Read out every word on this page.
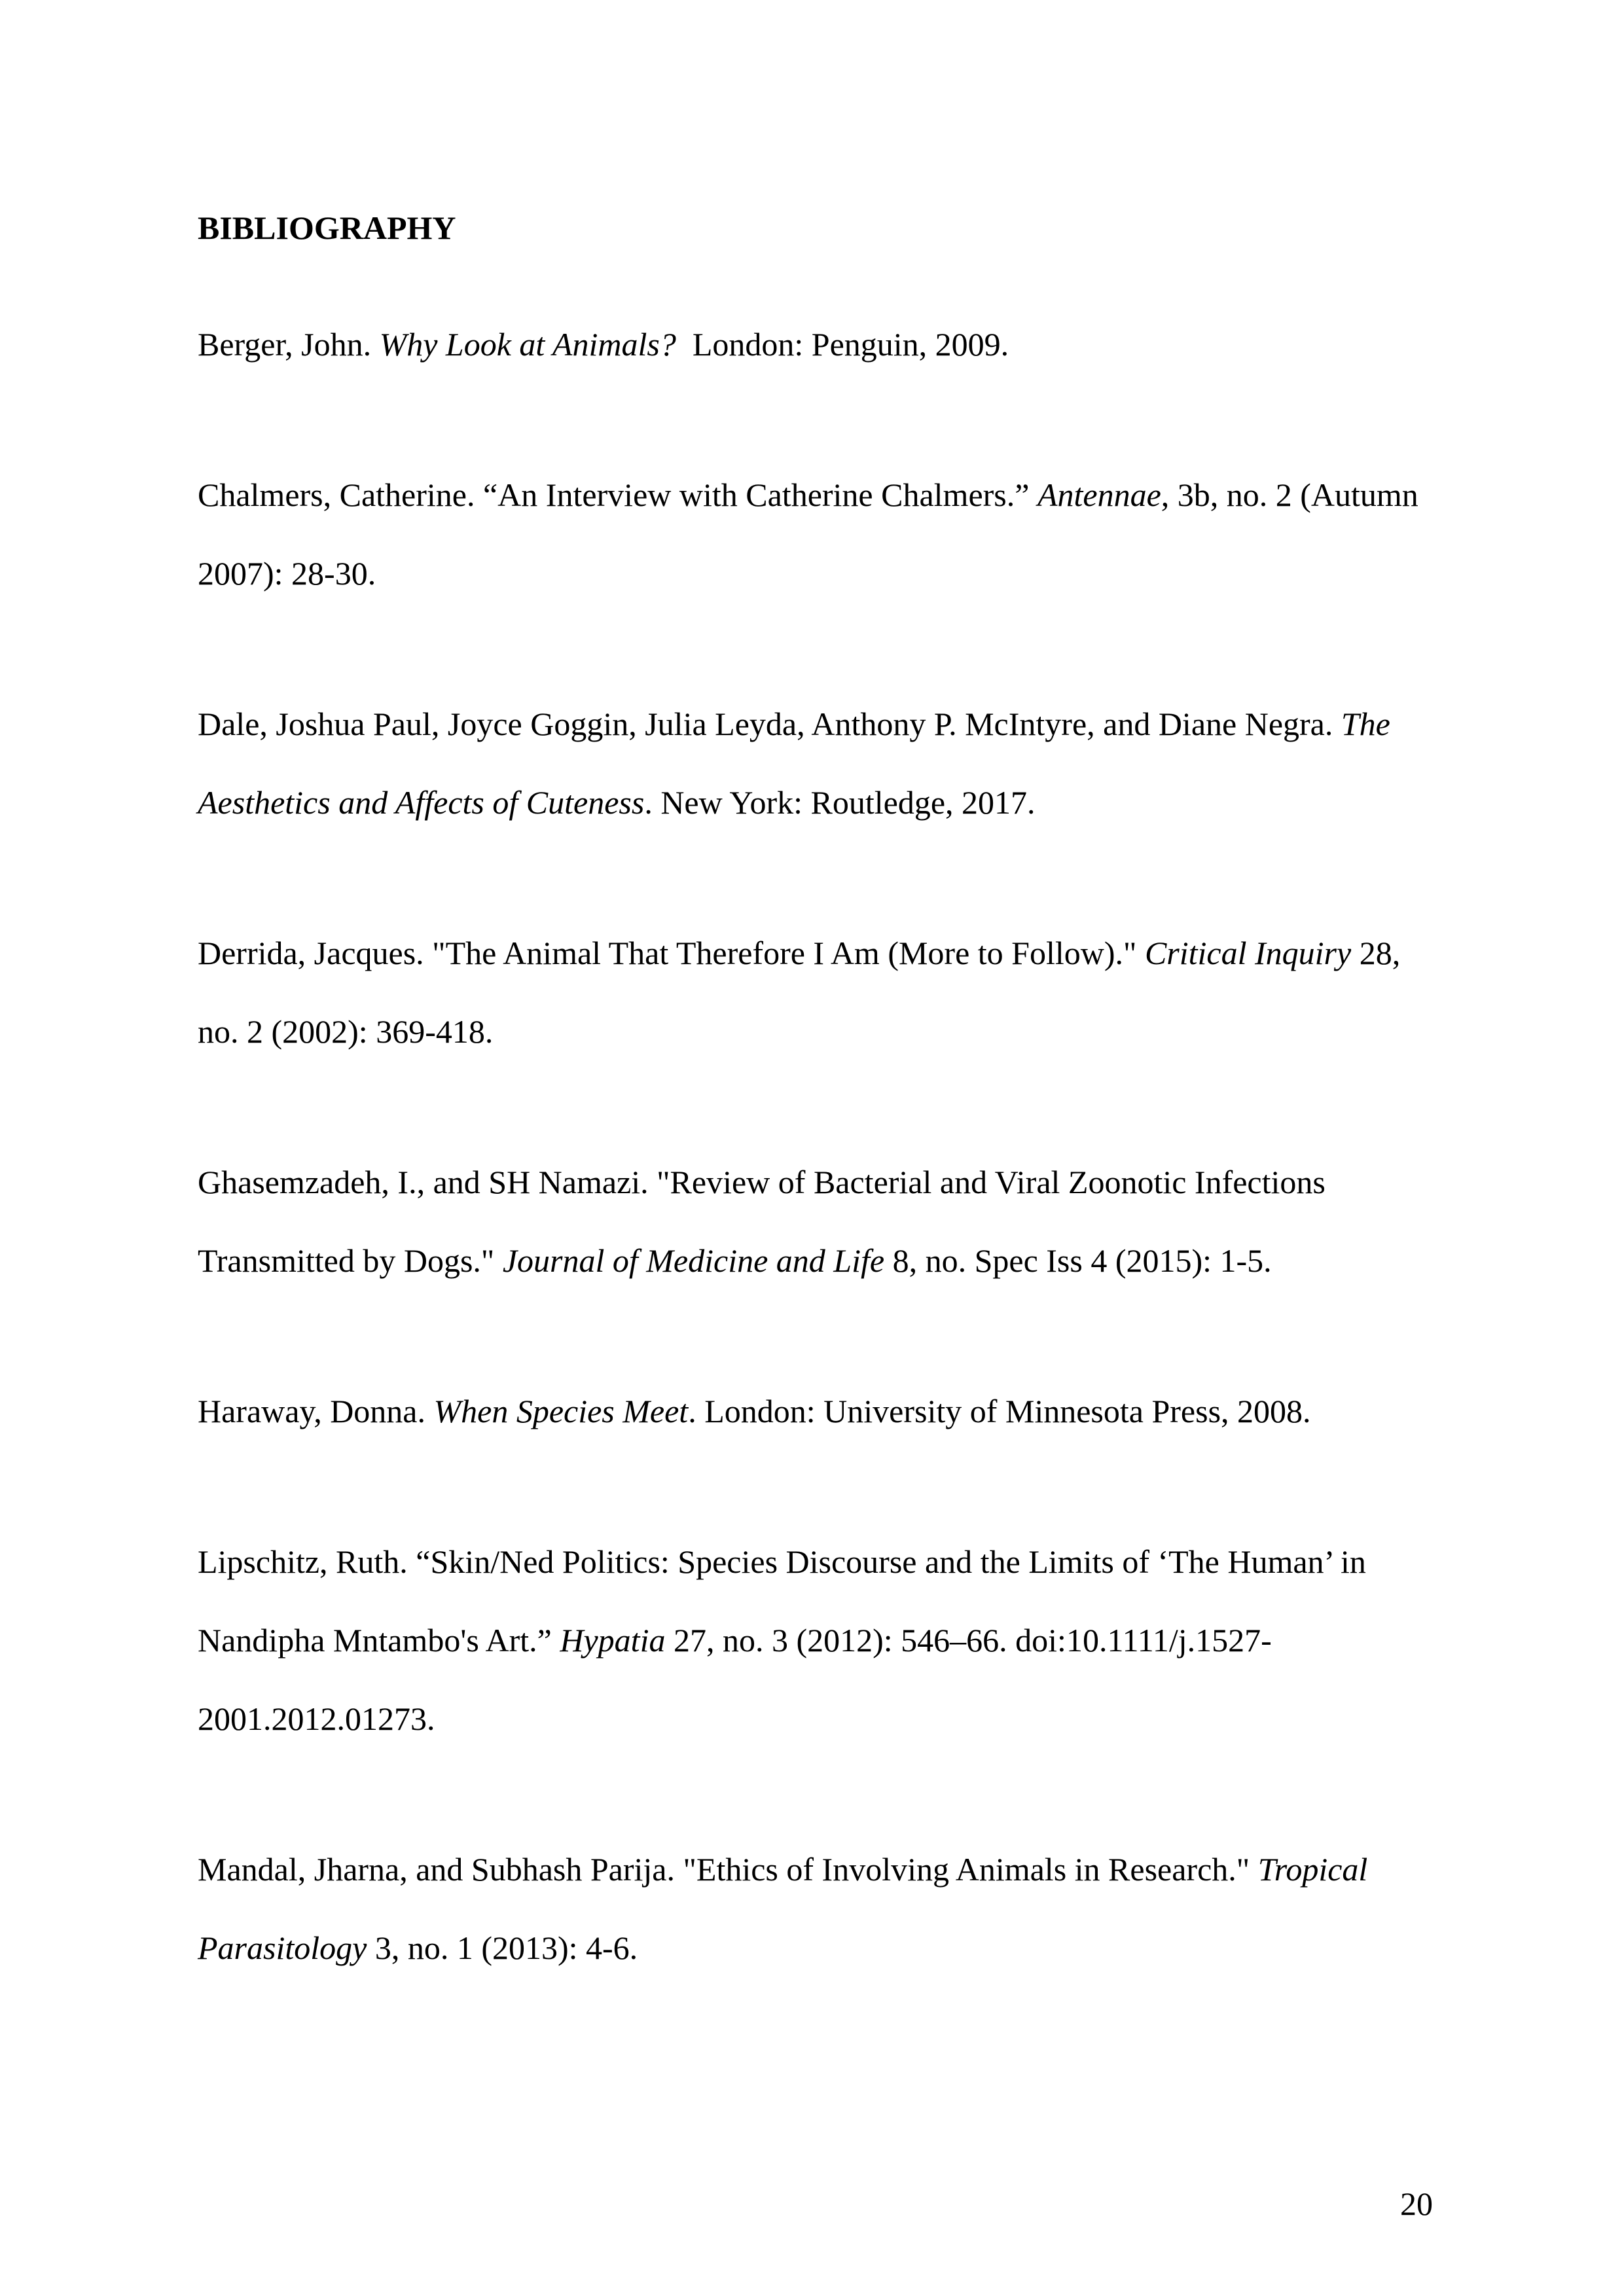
BIBLIOGRAPHY

Berger, John. Why Look at Animals?  London: Penguin, 2009.

Chalmers, Catherine. “An Interview with Catherine Chalmers.” Antennae, 3b, no. 2 (Autumn 2007): 28-30.

Dale, Joshua Paul, Joyce Goggin, Julia Leyda, Anthony P. McIntyre, and Diane Negra. The Aesthetics and Affects of Cuteness. New York: Routledge, 2017.

Derrida, Jacques. "The Animal That Therefore I Am (More to Follow)." Critical Inquiry 28, no. 2 (2002): 369-418.

Ghasemzadeh, I., and SH Namazi. "Review of Bacterial and Viral Zoonotic Infections Transmitted by Dogs." Journal of Medicine and Life 8, no. Spec Iss 4 (2015): 1-5.

Haraway, Donna. When Species Meet. London: University of Minnesota Press, 2008.

Lipschitz, Ruth. “Skin/Ned Politics: Species Discourse and the Limits of ‘The Human’ in Nandipha Mntambo's Art.” Hypatia 27, no. 3 (2012): 546–66. doi:10.1111/j.1527-2001.2012.01273.

Mandal, Jharna, and Subhash Parija. "Ethics of Involving Animals in Research." Tropical Parasitology 3, no. 1 (2013): 4-6.

20
